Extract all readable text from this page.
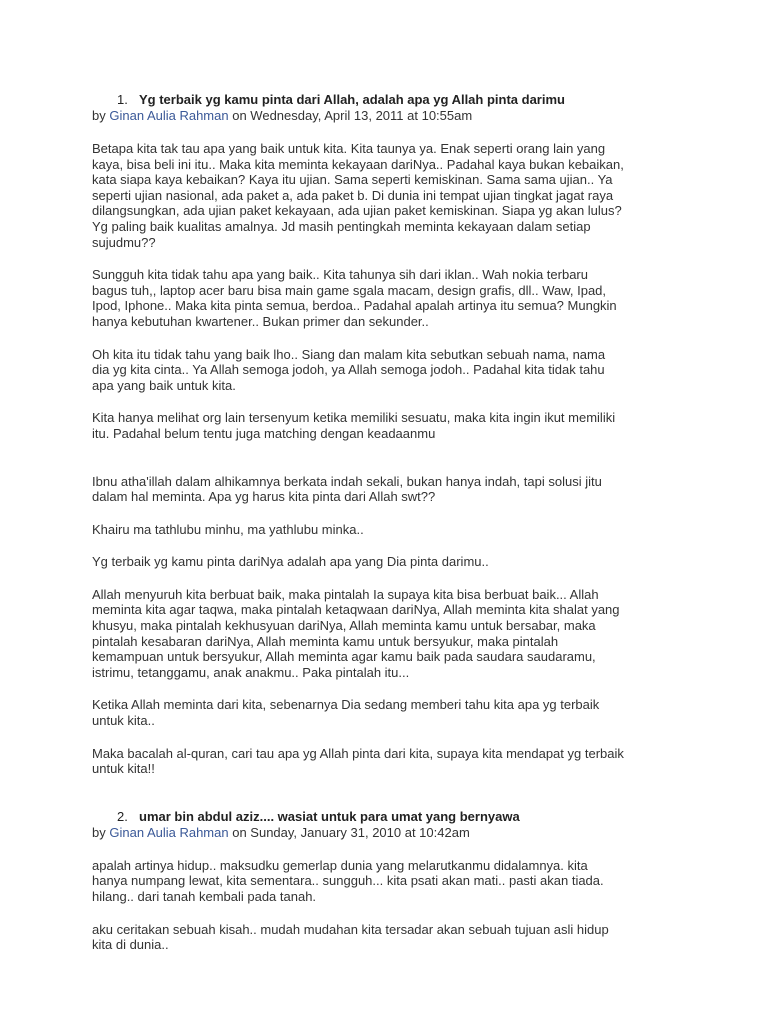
1. Yg terbaik yg kamu pinta dari Allah, adalah apa yg Allah pinta darimu
by Ginan Aulia Rahman on Wednesday, April 13, 2011 at 10:55am

Betapa kita tak tau apa yang baik untuk kita. Kita taunya ya. Enak seperti orang lain yang
kaya, bisa beli ini itu.. Maka kita meminta kekayaan dariNya.. Padahal kaya bukan kebaikan,
kata siapa kaya kebaikan? Kaya itu ujian. Sama seperti kemiskinan. Sama sama ujian.. Ya
seperti ujian nasional, ada paket a, ada paket b. Di dunia ini tempat ujian tingkat jagat raya
dilangsungkan, ada ujian paket kekayaan, ada ujian paket kemiskinan. Siapa yg akan lulus?
Yg paling baik kualitas amalnya. Jd masih pentingkah meminta kekayaan dalam setiap
sujudmu??

Sungguh kita tidak tahu apa yang baik.. Kita tahunya sih dari iklan.. Wah nokia terbaru
bagus tuh,, laptop acer baru bisa main game sgala macam, design grafis, dll.. Waw, Ipad,
Ipod, Iphone.. Maka kita pinta semua, berdoa.. Padahal apalah artinya itu semua? Mungkin
hanya kebutuhan kwartener.. Bukan primer dan sekunder..

Oh kita itu tidak tahu yang baik lho.. Siang dan malam kita sebutkan sebuah nama, nama
dia yg kita cinta.. Ya Allah semoga jodoh, ya Allah semoga jodoh.. Padahal kita tidak tahu
apa yang baik untuk kita.

Kita hanya melihat org lain tersenyum ketika memiliki sesuatu, maka kita ingin ikut memiliki
itu. Padahal belum tentu juga matching dengan keadaanmu

Ibnu atha'illah dalam alhikamnya berkata indah sekali, bukan hanya indah, tapi solusi jitu
dalam hal meminta. Apa yg harus kita pinta dari Allah swt??

Khairu ma tathlubu minhu, ma yathlubu minka..

Yg terbaik yg kamu pinta dariNya adalah apa yang Dia pinta darimu..

Allah menyuruh kita berbuat baik, maka pintalah Ia supaya kita bisa berbuat baik... Allah
meminta kita agar taqwa, maka pintalah ketaqwaan dariNya, Allah meminta kita shalat yang
khusyu, maka pintalah kekhusyuan dariNya, Allah meminta kamu untuk bersabar, maka
pintalah kesabaran dariNya, Allah meminta kamu untuk bersyukur, maka pintalah
kemampuan untuk bersyukur, Allah meminta agar kamu baik pada saudara saudaramu,
istrimu, tetanggamu, anak anakmu.. Paka pintalah itu...

Ketika Allah meminta dari kita, sebenarnya Dia sedang memberi tahu kita apa yg terbaik
untuk kita..

Maka bacalah al-quran, cari tau apa yg Allah pinta dari kita, supaya kita mendapat yg terbaik
untuk kita!!

2. umar bin abdul aziz.... wasiat untuk para umat yang bernyawa
by Ginan Aulia Rahman on Sunday, January 31, 2010 at 10:42am

apalah artinya hidup.. maksudku gemerlap dunia yang melarutkanmu didalamnya. kita
hanya numpang lewat, kita sementara.. sungguh... kita psati akan mati.. pasti akan tiada.
hilang.. dari tanah kembali pada tanah.

aku ceritakan sebuah kisah.. mudah mudahan kita tersadar akan sebuah tujuan asli hidup
kita di dunia..
